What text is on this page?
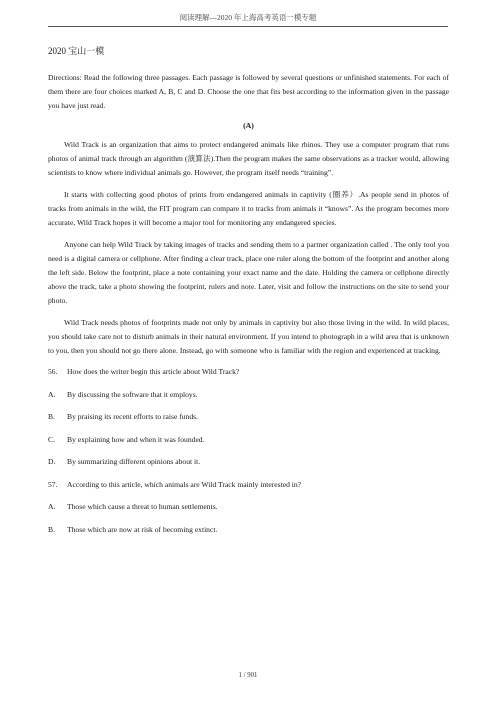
阅读理解---2020 年上海高考英语一模专题
2020 宝山一模

Directions: Read the following three passages. Each passage is followed by several questions or unfinished statements. For each of them there are four choices marked A, B, C and D. Choose the one that fits best according to the information given in the passage you have just read.

(A)

Wild Track is an organization that aims to protect endangered animals like rhinos. They use a computer program that runs photos of animal track through an algorithm (演算法).Then the program makes the same observations as a tracker would, allowing scientists to know where individual animals go. However, the program itself needs “training”.

It starts with collecting good photos of prints from endangered animals in captivity (圈养）.As people send in photos of tracks from animals in the wild, the FIT program can compare it to tracks from animals it “knows”. As the program becomes more accurate, Wild Track hopes it will become a major tool for monitoring any endangered species.

Anyone can help Wild Track by taking images of tracks and sending them to a partner organization called . The only tool you need is a digital camera or cellphone. After finding a clear track, place one ruler along the bottom of the footprint and another along the left side. Below the footprint, place a note containing your exact name and the date. Holding the camera or cellphone directly above the track, take a photo showing the footprint, rulers and note. Later, visit and follow the instructions on the site to send your photo.

Wild Track needs photos of footprints made not only by animals in captivity but also those living in the wild. In wild places, you should take care not to disturb animals in their natural environment. If you intend to photograph in a wild area that is unknown to you, then you should not go there alone. Instead, go with someone who is familiar with the region and experienced at tracking.

56.	How does the writer begin this article about Wild Track?
A.	By discussing the software that it employs.
B.	By praising its recent efforts to raise funds.
C.	By explaining how and when it was founded.
D.	By summarizing different opinions about it.
57.	According to this article, which animals are Wild Track mainly interested in?
A.	Those which cause a threat to human settlements.
B.	Those which are now at risk of becoming extinct.
1 / 901
